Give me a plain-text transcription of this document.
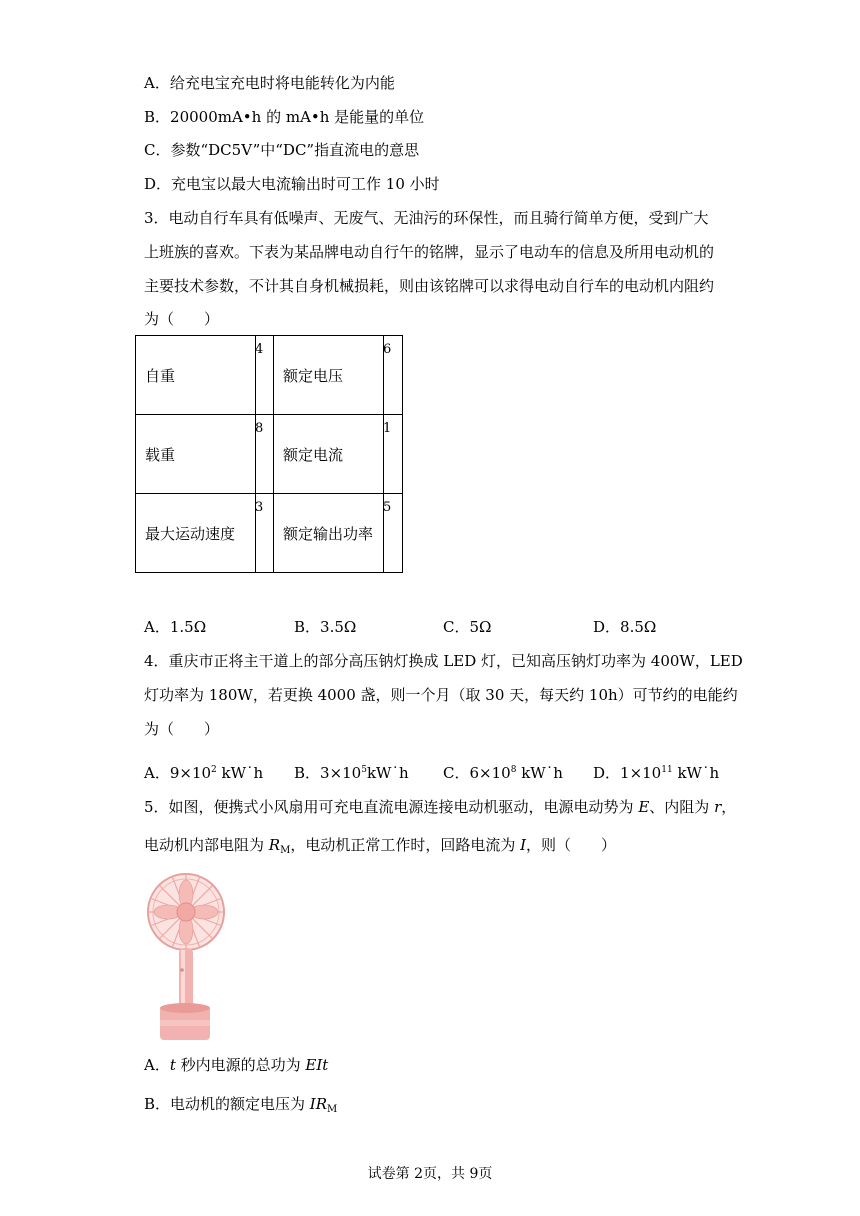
A．给充电宝充电时将电能转化为内能
B．20000mA•h 的 mA•h 是能量的单位
C．参数“DC5V”中“DC”指直流电的意思
D．充电宝以最大电流输出时可工作 10 小时
3．电动自行车具有低噪声、无废气、无油污的环保性，而且骑行简单方便，受到广大
上班族的喜欢。下表为某品牌电动自行午的铭牌，显示了电动车的信息及所用电动机的
主要技术参数，不计其自身机械损耗，则由该铭牌可以求得电动自行车的电动机内阻约
为（　　）
自重	4	额定电压	6

载重	8	额定电流	1

最大运动速度	3	额定输出功率	5
A．1.5Ω	B．3.5Ω	C．5Ω	D．8.5Ω
4．重庆市正将主干道上的部分高压钠灯换成 LED 灯，已知高压钠灯功率为 400W，LED
灯功率为 180W，若更换 4000 盏，则一个月（取 30 天，每天约 10h）可节约的电能约
为（　　）
A．$9\times 10^2$ kW˙h B．$3\times 10^5kW˙h$ C．$6\times 10^8$ kW˙h D．$1\times 10^{11}$ kW˙h
5．如图，便携式小风扇用可充电直流电源连接电动机驱动，电源电动势为 E、内阻为 r，
电动机内部电阻为 $R_M$，电动机正常工作时，回路电流为 I，则（　　）
A．t 秒内电源的总功为 EIt
B．电动机的额定电压为 $IR_M$
试卷第 2页，共 9页
